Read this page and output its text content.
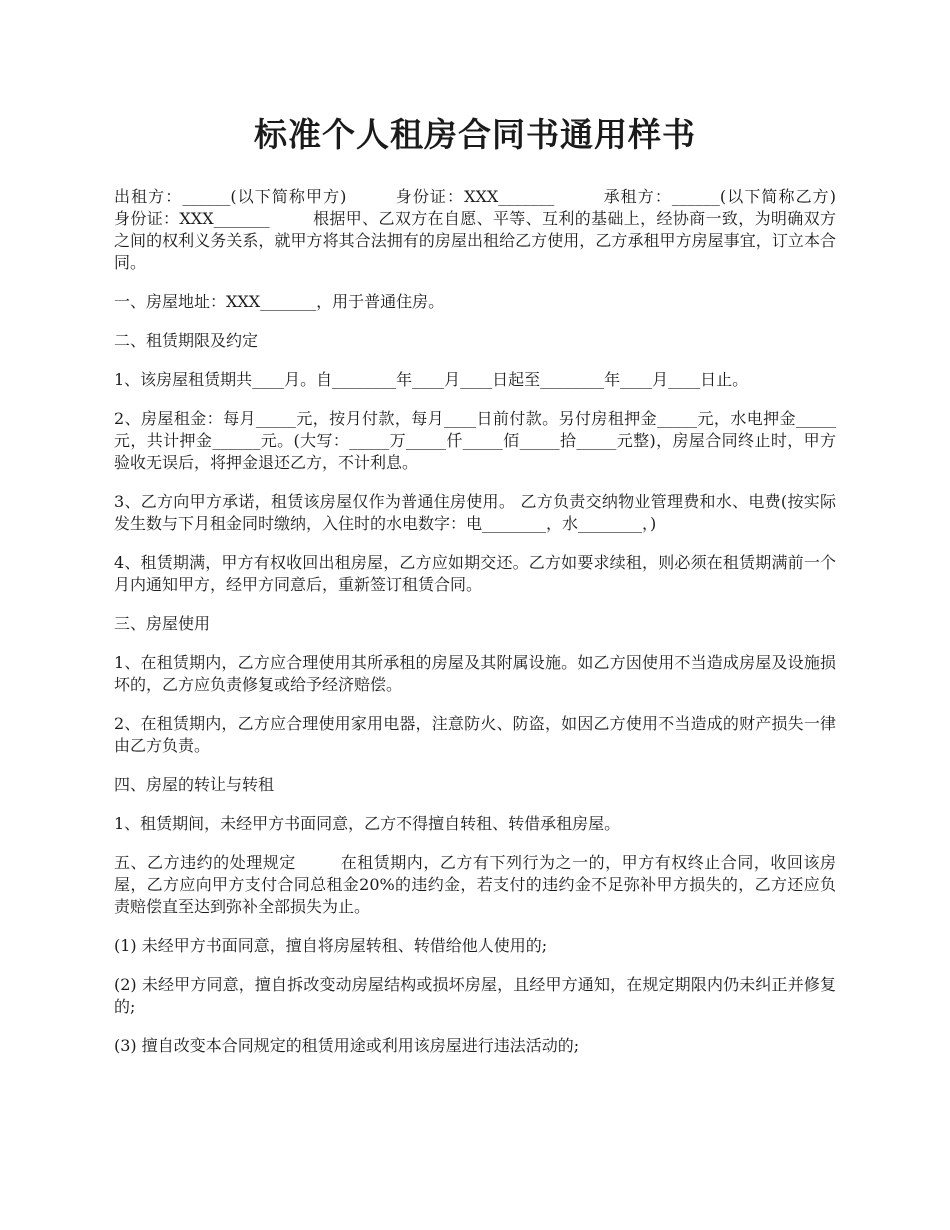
标准个人租房合同书通用样书

出租方：______(以下简称甲方)        身份证：XXX_______        承租方：______(以下简称乙方)        身份证：XXX_______        根据甲、乙双方在自愿、平等、互利的基础上，经协商一致，为明确双方之间的权利义务关系，就甲方将其合法拥有的房屋出租给乙方使用，乙方承租甲方房屋事宜，订立本合同。

一、房屋地址：XXX_______，用于普通住房。

二、租赁期限及约定

1、该房屋租赁期共____月。自________年____月____日起至________年____月____日止。

2、房屋租金：每月_____元，按月付款，每月____日前付款。另付房租押金_____元，水电押金_____元，共计押金______元。(大写：_____万_____仟_____佰_____拾_____元整)，房屋合同终止时，甲方验收无误后，将押金退还乙方，不计利息。

3、乙方向甲方承诺，租赁该房屋仅作为普通住房使用。 乙方负责交纳物业管理费和水、电费(按实际发生数与下月租金同时缴纳，入住时的水电数字：电________，水________，)

4、租赁期满，甲方有权收回出租房屋，乙方应如期交还。乙方如要求续租，则必须在租赁期满前一个月内通知甲方，经甲方同意后，重新签订租赁合同。

三、房屋使用

1、在租赁期内，乙方应合理使用其所承租的房屋及其附属设施。如乙方因使用不当造成房屋及设施损坏的，乙方应负责修复或给予经济赔偿。

2、在租赁期内，乙方应合理使用家用电器，注意防火、防盗，如因乙方使用不当造成的财产损失一律由乙方负责。

四、房屋的转让与转租

1、租赁期间，未经甲方书面同意，乙方不得擅自转租、转借承租房屋。

五、乙方违约的处理规定        在租赁期内，乙方有下列行为之一的，甲方有权终止合同，收回该房屋，乙方应向甲方支付合同总租金20%的违约金，若支付的违约金不足弥补甲方损失的，乙方还应负责赔偿直至达到弥补全部损失为止。

(1) 未经甲方书面同意，擅自将房屋转租、转借给他人使用的;

(2) 未经甲方同意，擅自拆改变动房屋结构或损坏房屋，且经甲方通知，在规定期限内仍未纠正并修复的;

(3) 擅自改变本合同规定的租赁用途或利用该房屋进行违法活动的;
